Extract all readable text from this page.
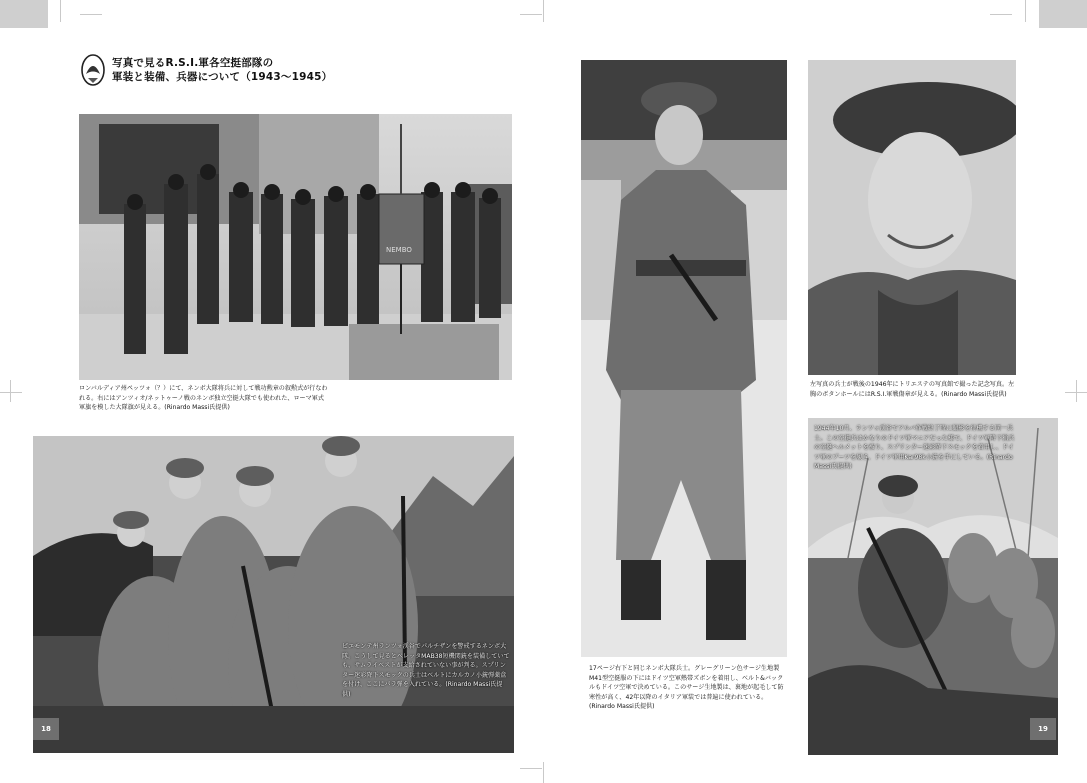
写真で見るR.S.I.軍各空挺部隊の
軍装と装備、兵器について（1943～1945）
NEMBO
ロンバルディア州ペッツォ（？）にて、ネンボ大隊将兵に対して戦功勲章の叙勲式が行なわれる。右にはアンツィオ/ネットゥーノ戦のネンボ独立空挺大隊でも使われた、ローマ軍式軍旗を模した大隊旗が見える。(Rinardo Massi氏提供)
ピエモンテ州ランツォ渓谷でパルチザンを警戒するネンボ大隊。こうして見るとベレッタMAB38短機関銃を装備していても、サムライベストが支給されていない事が判る。スプリンター迷彩降下スモックの兵士はベルトにカルカノ小銃弾薬盒を付け、ここにパラ弾を入れている。(Rinardo Massi氏提供)
18
17ページ右下と同じネンボ大隊兵士。グレーグリーン色サージ生地製M41型空挺服の下にはドイツ空軍熱帯ズボンを着用し、ベルト&バックルもドイツ空軍で決めている。このサージ生地製は、裏地が起毛して防寒性が高く、42年以降のイタリア軍装では普遍に使われている。(Rinardo Massi氏提供)
左写真の兵士が戦後の1946年にトリエステの写真館で撮った記念写真。左胸のボタンホールにはR.S.I.軍戦傷章が見える。(Rinardo Massi氏提供)
1944年10月、ランツォ渓谷でアルバ作戦終了時に撮影を待機する同一兵士。この空挺兵はかなりのドイツ軍マニアだった様で、ドイツ軍降下猟兵の空挺ヘルメットを被り、スプリンター迷彩降下スモックを着用し、ドイツ軍のブーツを履き、ドイツ軍用Kar98k小銃を手にしている。(Rinardo Massi氏提供)
19
